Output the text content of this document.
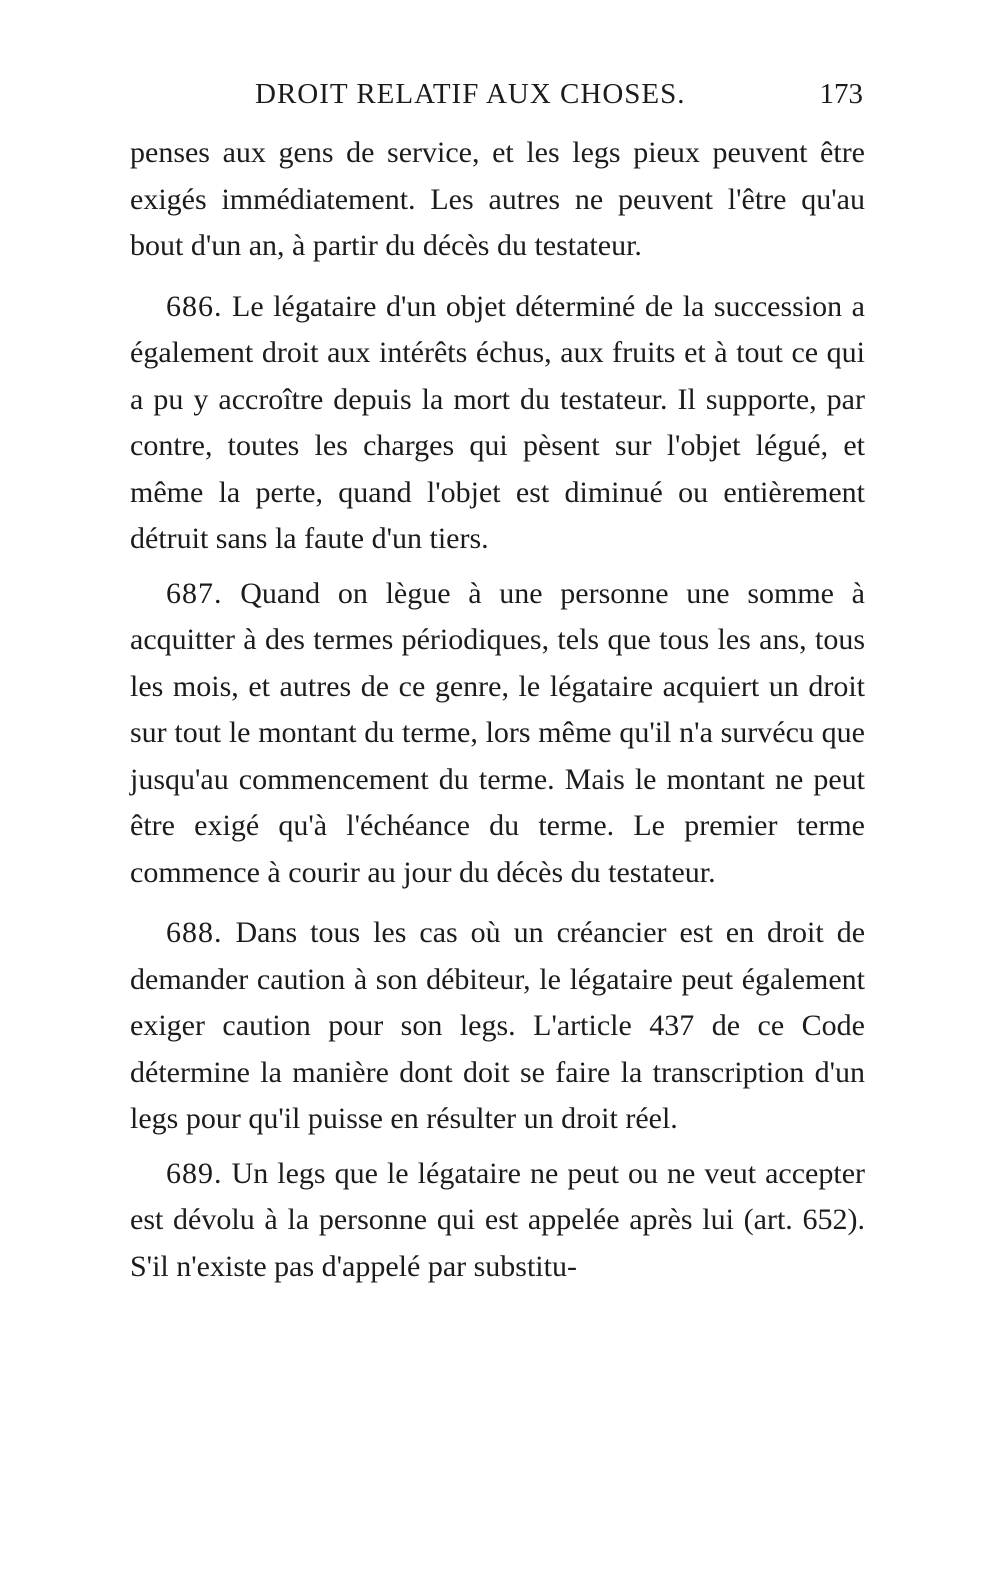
DROIT RELATIF AUX CHOSES.	173

penses aux gens de service, et les legs pieux peuvent être exigés immédiatement. Les autres ne peuvent l'être qu'au bout d'un an, à partir du décès du testateur.

686. Le légataire d'un objet déterminé de la succession a également droit aux intérêts échus, aux fruits et à tout ce qui a pu y accroître depuis la mort du testateur. Il supporte, par contre, toutes les charges qui pèsent sur l'objet légué, et même la perte, quand l'objet est diminué ou entièrement détruit sans la faute d'un tiers.

687. Quand on lègue à une personne une somme à acquitter à des termes périodiques, tels que tous les ans, tous les mois, et autres de ce genre, le légataire acquiert un droit sur tout le montant du terme, lors même qu'il n'a survécu que jusqu'au commencement du terme. Mais le montant ne peut être exigé qu'à l'échéance du terme. Le premier terme commence à courir au jour du décès du testateur.

688. Dans tous les cas où un créancier est en droit de demander caution à son débiteur, le légataire peut également exiger caution pour son legs. L'article 437 de ce Code détermine la manière dont doit se faire la transcription d'un legs pour qu'il puisse en résulter un droit réel.

689. Un legs que le légataire ne peut ou ne veut accepter est dévolu à la personne qui est appelée après lui (art. 652). S'il n'existe pas d'appelé par substitu-
